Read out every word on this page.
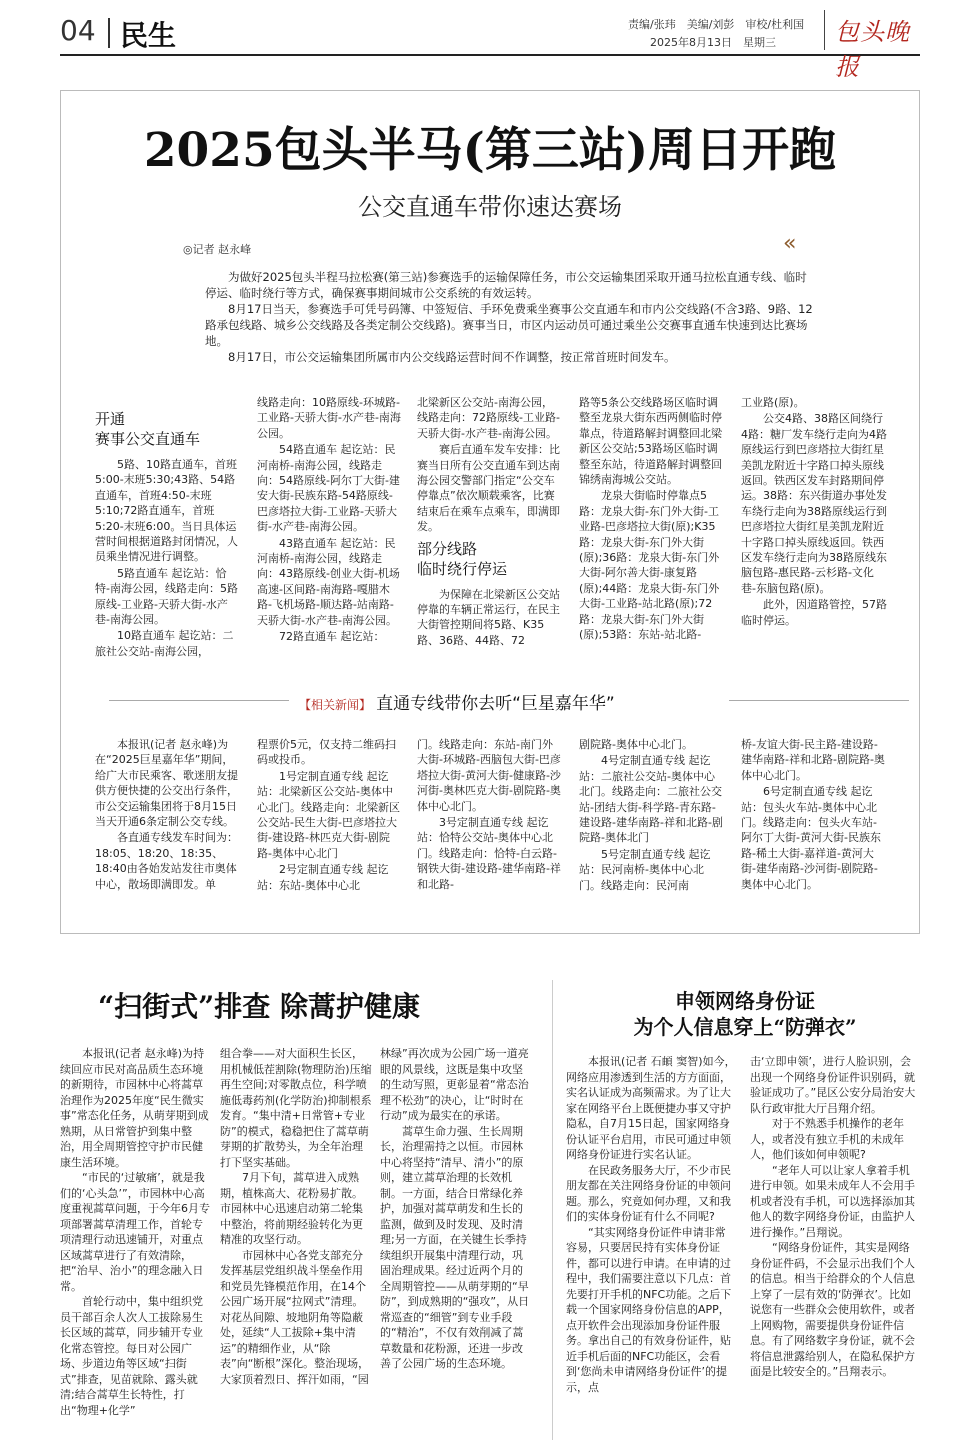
04 民生	责编/张玮　美编/刘彭　审校/杜利国
2025年8月13日　星期三 包头晚报
2025包头半马(第三站)周日开跑
公交直通车带你速达赛场
◎记者 赵永峰	«

为做好2025包头半程马拉松赛(第三站)参赛选手的运输保障任务，市公交运输集团采取开通马拉松直通专线、临时停运、临时绕行等方式，确保赛事期间城市公交系统的有效运转。

8月17日当天，参赛选手可凭号码簿、中签短信、手环免费乘坐赛事公交直通车和市内公交线路(不含3路、9路、12路承包线路、城乡公交线路及各类定制公交线路)。赛事当日，市区内运动员可通过乘坐公交赛事直通车快速到达比赛场地。

8月17日，市公交运输集团所属市内公交线路运营时间不作调整，按正常首班时间发车。

开通
赛事公交直通车

5路、10路直通车，首班5:00-末班5:30;43路、54路直通车，首班4:50-末班5:10;72路直通车，首班5:20-末班6:00。当日具体运营时间根据道路封闭情况，人员乘坐情况进行调整。

5路直通车 起讫站：恰特-南海公园，线路走向：5路原线-工业路-天骄大街-水产巷-南海公园。

10路直通车 起讫站：二旅社公交站-南海公园，

线路走向：10路原线-环城路-工业路-天骄大街-水产巷-南海公园。

54路直通车 起讫站：民河南桥-南海公园，线路走向：54路原线-阿尔丁大街-建安大街-民族东路-54路原线-巴彦塔拉大街-工业路-天骄大街-水产巷-南海公园。

43路直通车 起讫站：民河南桥-南海公园，线路走向：43路原线-创业大街-机场高速-区间路-南海路-嘎腊木路-飞机场路-顺达路-站南路-天骄大街-水产巷-南海公园。

72路直通车 起讫站：

北梁新区公交站-南海公园，线路走向：72路原线-工业路-天骄大街-水产巷-南海公园。

赛后直通车发车安排：比赛当日所有公交直通车到达南海公园交警部门指定“公交车停靠点”依次顺载乘客，比赛结束后在乘车点乘车，即满即发。

部分线路
临时绕行停运

为保障在北梁新区公交站停靠的车辆正常运行，在民主大街管控期间将5路、K35路、36路、44路、72

路等5条公交线路场区临时调整至龙泉大街东西两侧临时停靠点，待道路解封调整回北梁新区公交站;53路场区临时调整至东站，待道路解封调整回锦绣南海城公交站。

龙泉大街临时停靠点5路：龙泉大街-东门外大街-工业路-巴彦塔拉大街(原);K35路：龙泉大街-东门外大街(原);36路：龙泉大街-东门外大街-阿尔善大街-康复路(原);44路：龙泉大街-东门外大街-工业路-站北路(原);72路：龙泉大街-东门外大街(原);53路：东站-站北路-

工业路(原)。

公交4路、38路区间绕行 4路：糖厂发车绕行走向为4路原线运行到巴彦塔拉大街红星美凯龙附近十字路口掉头原线返回。铁西区发车封路期间停运。38路：东兴街道办事处发车绕行走向为38路原线运行到巴彦塔拉大街红星美凯龙附近十字路口掉头原线返回。铁西区发车绕行走向为38路原线东脑包路-惠民路-云杉路-文化巷-东脑包路(原)。

此外，因道路管控，57路临时停运。

【相关新闻】 直通专线带你去听“巨星嘉年华”

本报讯(记者 赵永峰)为在“2025巨星嘉年华”期间，给广大市民乘客、歌迷朋友提供方便快捷的公交出行条件，市公交运输集团将于8月15日当天开通6条定制公交专线。

各直通专线发车时间为：18:05、18:20、18:35、18:40由各始发站发往市奥体中心，散场即满即发。单

程票价5元，仅支持二维码扫码或投币。

1号定制直通专线 起讫站：北梁新区公交站-奥体中心北门。线路走向：北梁新区公交站-民生大街-巴彦塔拉大街-建设路-林匹克大街-剧院路-奥体中心北门

2号定制直通专线 起讫站：东站-奥体中心北

门。线路走向：东站-南门外大街-环城路-西脑包大街-巴彦塔拉大街-黄河大街-健康路-沙河街-奥林匹克大街-剧院路-奥体中心北门。

3号定制直通专线 起讫站：恰特公交站-奥体中心北门。线路走向：恰特-白云路-钢铁大街-建设路-建华南路-祥和北路-

剧院路-奥体中心北门。

4号定制直通专线 起讫站：二旅社公交站-奥体中心北门。线路走向：二旅社公交站-团结大街-科学路-青东路-建设路-建华南路-祥和北路-剧院路-奥体北门

5号定制直通专线 起讫站：民河南桥-奥体中心北门。线路走向：民河南

桥-友谊大街-民主路-建设路-建华南路-祥和北路-剧院路-奥体中心北门。

6号定制直通专线 起讫站：包头火车站-奥体中心北门。线路走向：包头火车站-阿尔丁大街-黄河大街-民族东路-稀土大街-嘉祥道-黄河大街-建华南路-沙河街-剧院路-奥体中心北门。

“扫街式”排查 除蒿护健康

本报讯(记者 赵永峰)为持续回应市民对高品质生态环境的新期待，市园林中心将蒿草治理作为2025年度“民生微实事”常态化任务，从萌芽期到成熟期，从日常管护到集中整治，用全周期管控守护市民健康生活环境。

“市民的‘过敏痛’，就是我们的‘心头急’”，市园林中心高度重视蒿草问题，于今年6月专项部署蒿草清理工作，首轮专项清理行动迅速铺开，对重点区域蒿草进行了有效清除，把“治早、治小”的理念融入日常。

首轮行动中，集中组织党员干部百余人次人工拔除易生长区域的蒿草，同步辅开专业化常态管控。每日对公园广场、步道边角等区域“扫街式”排查，见苗就除、露头就清;结合蒿草生长特性，打出“物理+化学”

组合拳——对大面积生长区，用机械低茬割除(物理防治)压缩再生空间;对零散点位，科学喷施低毒药剂(化学防治)抑制根系发育。“集中清+日常管+专业防”的模式，稳稳把住了蒿草萌芽期的扩散势头，为全年治理打下坚实基础。

7月下旬，蒿草进入成熟期，植株高大、花粉易扩散。市园林中心迅速启动第二轮集中整治，将前期经验转化为更精准的攻坚行动。

市园林中心各党支部充分发挥基层党组织战斗堡垒作用和党员先锋模范作用，在14个公园广场开展“拉网式”清理。对花丛间隙、坡地阴角等隐蔽处，延续“人工拔除+集中清运”的精细作业，从“除表”向“断根”深化。整治现场，大家顶着烈日、挥汗如雨，“园

林绿”再次成为公园广场一道亮眼的风景线，这既是集中攻坚的生动写照，更彰显着“常态治理不松劲”的决心，让“时时在行动”成为最实在的承诺。

蒿草生命力强、生长周期长，治理需持之以恒。市园林中心将坚持“清早、清小”的原则，建立蒿草治理的长效机制。一方面，结合日常绿化养护，加强对蒿草萌发和生长的监测，做到及时发现、及时清理;另一方面，在关键生长季持续组织开展集中清理行动，巩固治理成果。经过近两个月的全周期管控——从萌芽期的“早防”，到成熟期的“强攻”，从日常巡查的“细管”到专业手段的“精治”，不仅有效削减了蒿草数量和花粉源，还进一步改善了公园广场的生态环境。

申领网络身份证
为个人信息穿上“防弹衣”

本报讯(记者 石頔 窦智)如今，网络应用渗透到生活的方方面面，实名认证成为高频需求。为了让大家在网络平台上既便捷办事又守护隐私，自7月15日起，国家网络身份认证平台启用，市民可通过申领网络身份证进行实名认证。

在民政务服务大厅，不少市民朋友都在关注网络身份证的申领问题。那么，究竟如何办理，又和我们的实体身份证有什么不同呢?

“其实网络身份证件申请非常容易，只要居民持有实体身份证件，都可以进行申请。在申请的过程中，我们需要注意以下几点：首先要打开手机的NFC功能。之后下载一个国家网络身份信息的APP，点开软件会出现添加身份证件服务。拿出自己的有效身份证件，贴近手机后面的NFC功能区，会看到‘您尚未申请网络身份证件’的提示，点

击‘立即申领’，进行人脸识别，会出现一个网络身份证件识别码，就验证成功了。”昆区公安分局治安大队行政审批大厅吕翔介绍。

对于不熟悉手机操作的老年人，或者没有独立手机的未成年人，他们该如何申领呢?

“老年人可以让家人拿着手机进行申领。如果未成年人不会用手机或者没有手机，可以选择添加其他人的数字网络身份证，由监护人进行操作。”吕翔说。

“网络身份证件，其实是网络身份证件码，不会显示出我们个人的信息。相当于给群众的个人信息上穿了一层有效的‘防弹衣’。比如说您有一些群众会使用软件，或者上网购物，需要提供身份证件信息。有了网络数字身份证，就不会将信息泄露给别人，在隐私保护方面是比较安全的。”吕翔表示。
